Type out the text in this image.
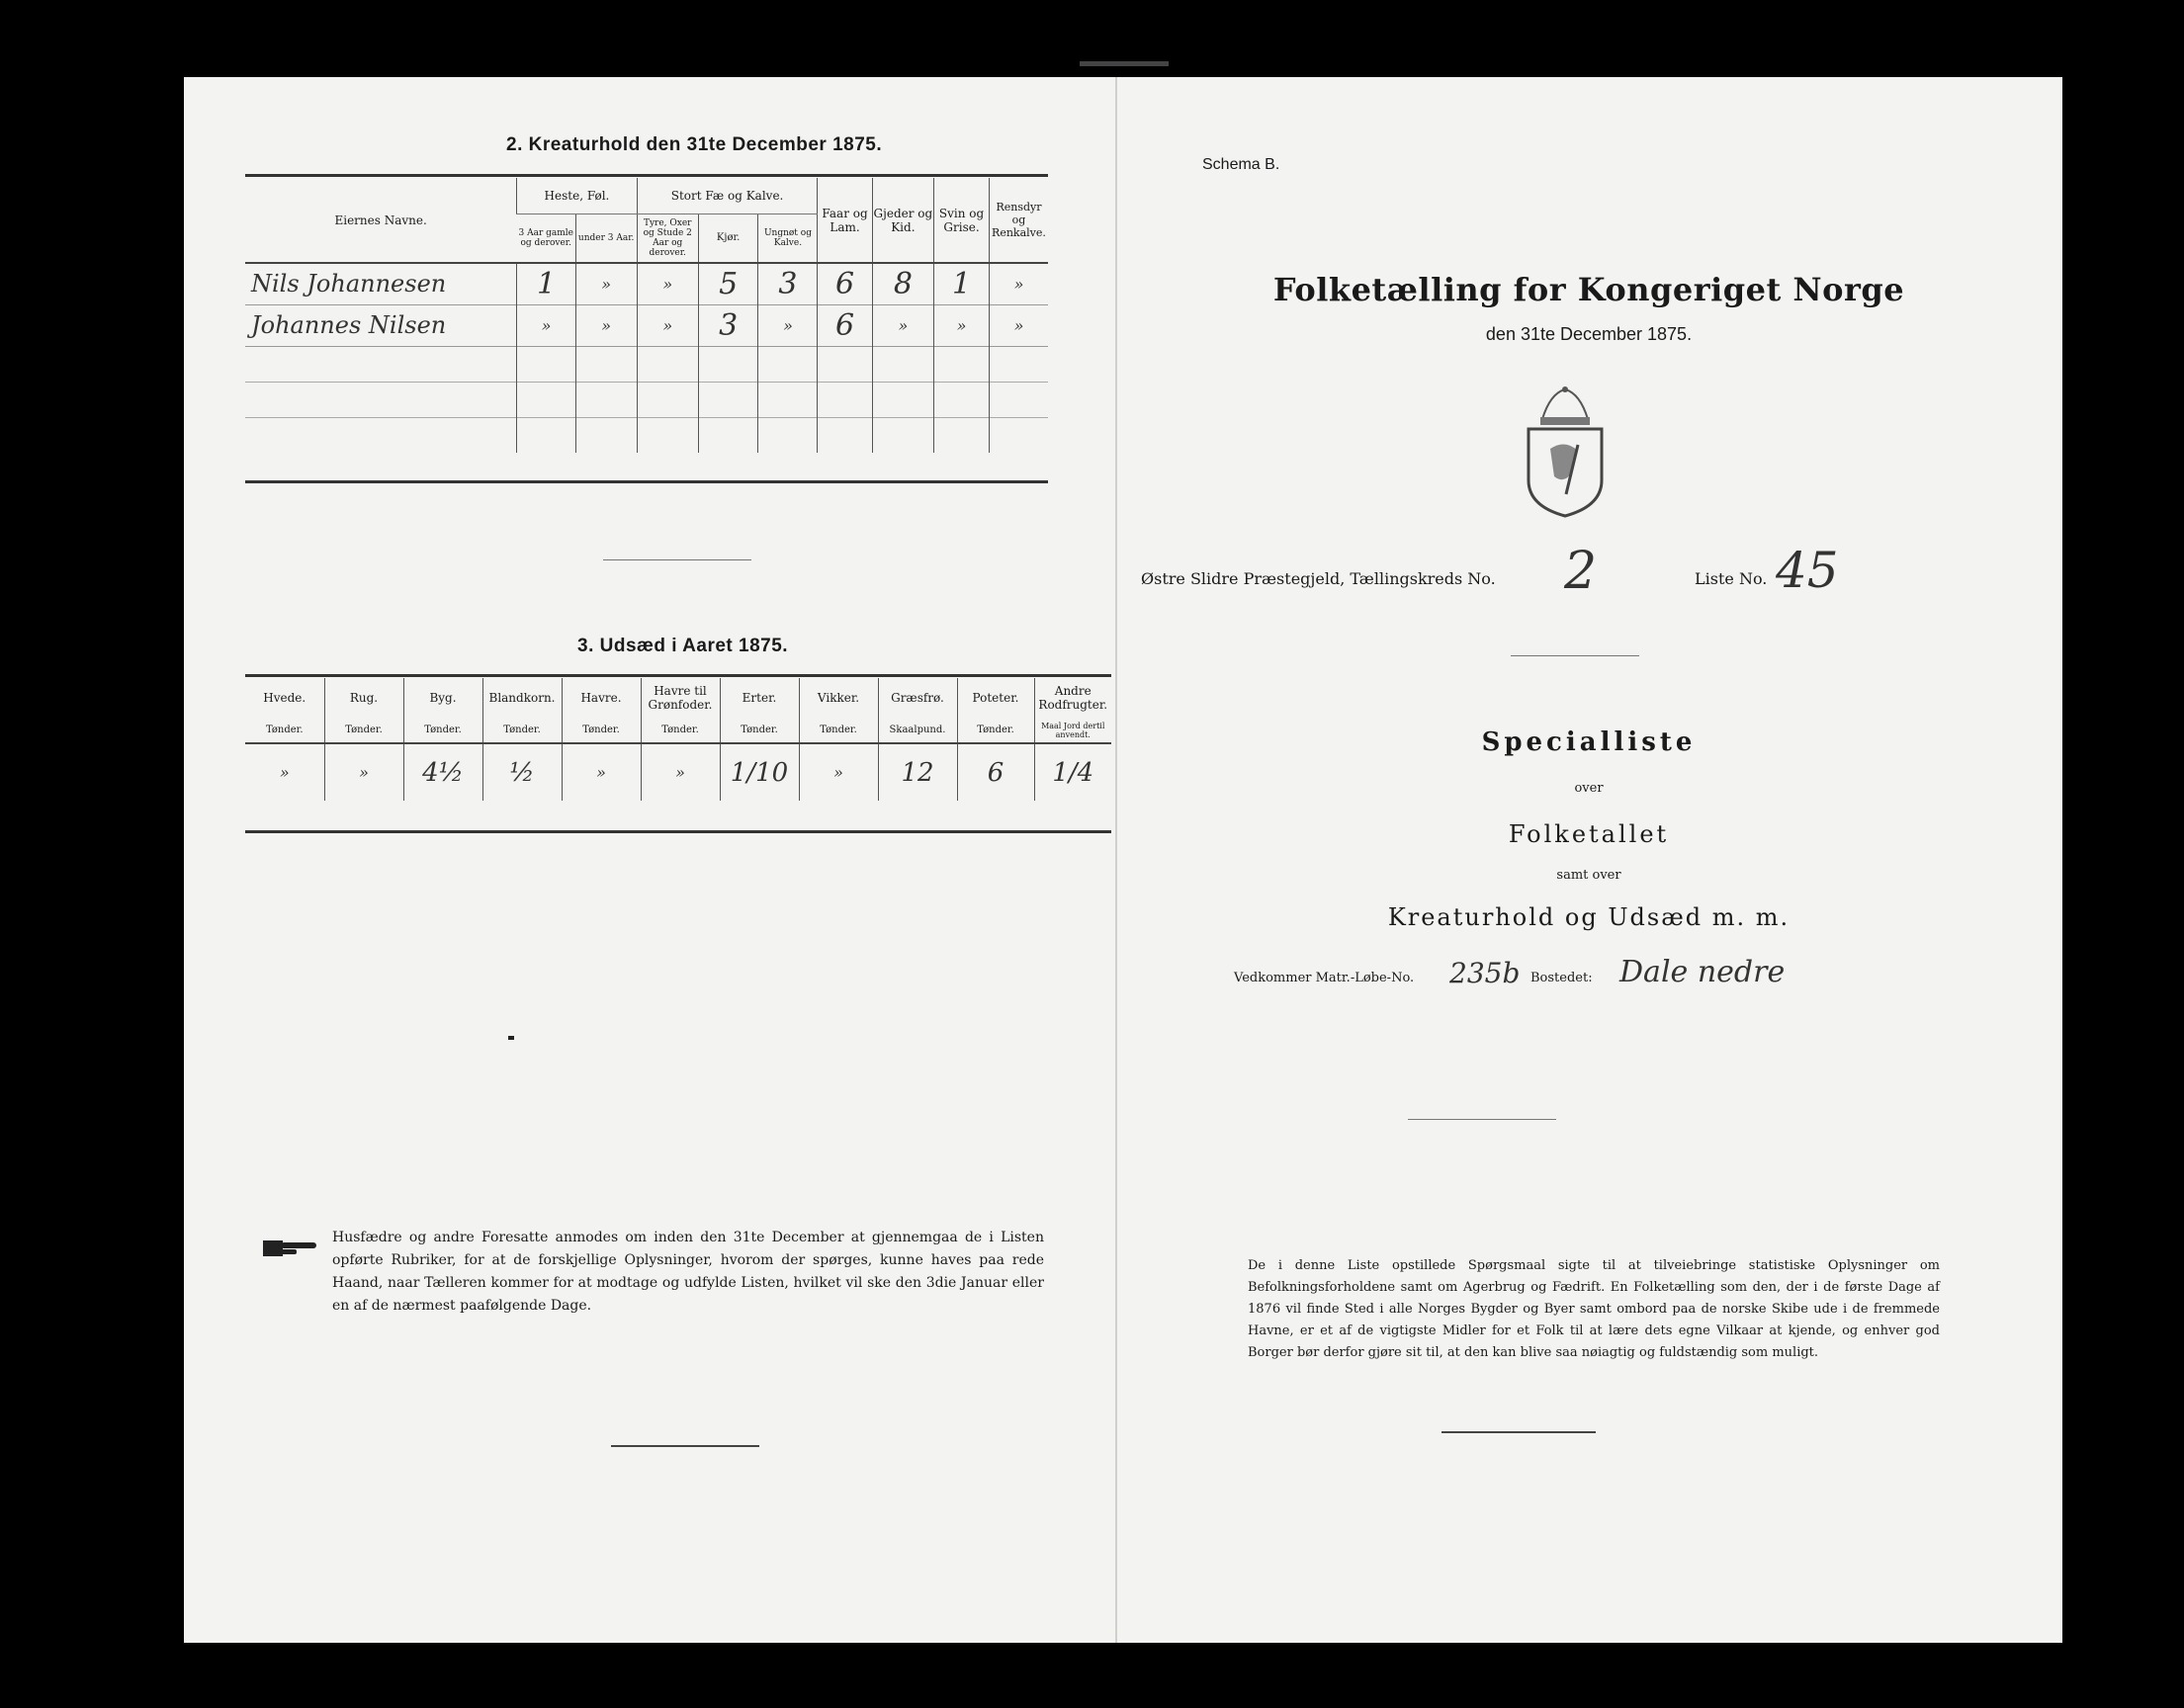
2. Kreaturhold den 31te December 1875.
Eiernes Navne.	Heste, Føl.		Stort Fæ og Kalve.			Faar og Lam.	Gjeder og Kid.	Svin og Grise.	Rensdyr og Renkalve.
	3 Aar gamle og derover.	under 3 Aar.	Tyre, Oxer og Stude 2 Aar og derover.	Kjør.	Ungnøt og Kalve.				
Nils Johannesen	1	»	»	5	3	6	8	1	»
Johannes Nilsen	»	»	»	3	»	6	»	»	»

3. Udsæd i Aaret 1875.
Hvede.	Rug.	Byg.	Blandkorn.	Havre.	Havre til Grønfoder.	Erter.	Vikker.	Græsfrø.	Poteter.	Andre Rodfrugter.
Tønder.	Tønder.	Tønder.	Tønder.	Tønder.	Tønder.	Tønder.	Tønder.	Skaalpund.	Tønder.	Maal Jord dertil anvendt.
»	»	4½	½	»	»	1/10	»	12	6	1/4
Husfædre og andre Foresatte anmodes om inden den 31te December at gjennemgaa de i Listen opførte Rubriker, for at de forskjellige Oplysninger, hvorom der spørges, kunne haves paa rede Haand, naar Tælleren kommer for at modtage og udfylde Listen, hvilket vil ske den 3die Januar eller en af de nærmest paafølgende Dage.
Schema B.
Folketælling for Kongeriget Norge
den 31te December 1875.
Østre Slidre Præstegjeld, Tællingskreds No. 2	Liste No. 45
Specialliste
over
Folketallet
samt over
Kreaturhold og Udsæd m. m.
Vedkommer Matr.-Løbe-No. 235b Bostedet: Dale nedre
De i denne Liste opstillede Spørgsmaal sigte til at tilveiebringe statistiske Oplysninger om Befolkningsforholdene samt om Agerbrug og Fædrift. En Folketælling som den, der i de første Dage af 1876 vil finde Sted i alle Norges Bygder og Byer samt ombord paa de norske Skibe ude i de fremmede Havne, er et af de vigtigste Midler for et Folk til at lære dets egne Vilkaar at kjende, og enhver god Borger bør derfor gjøre sit til, at den kan blive saa nøiagtig og fuldstændig som muligt.
